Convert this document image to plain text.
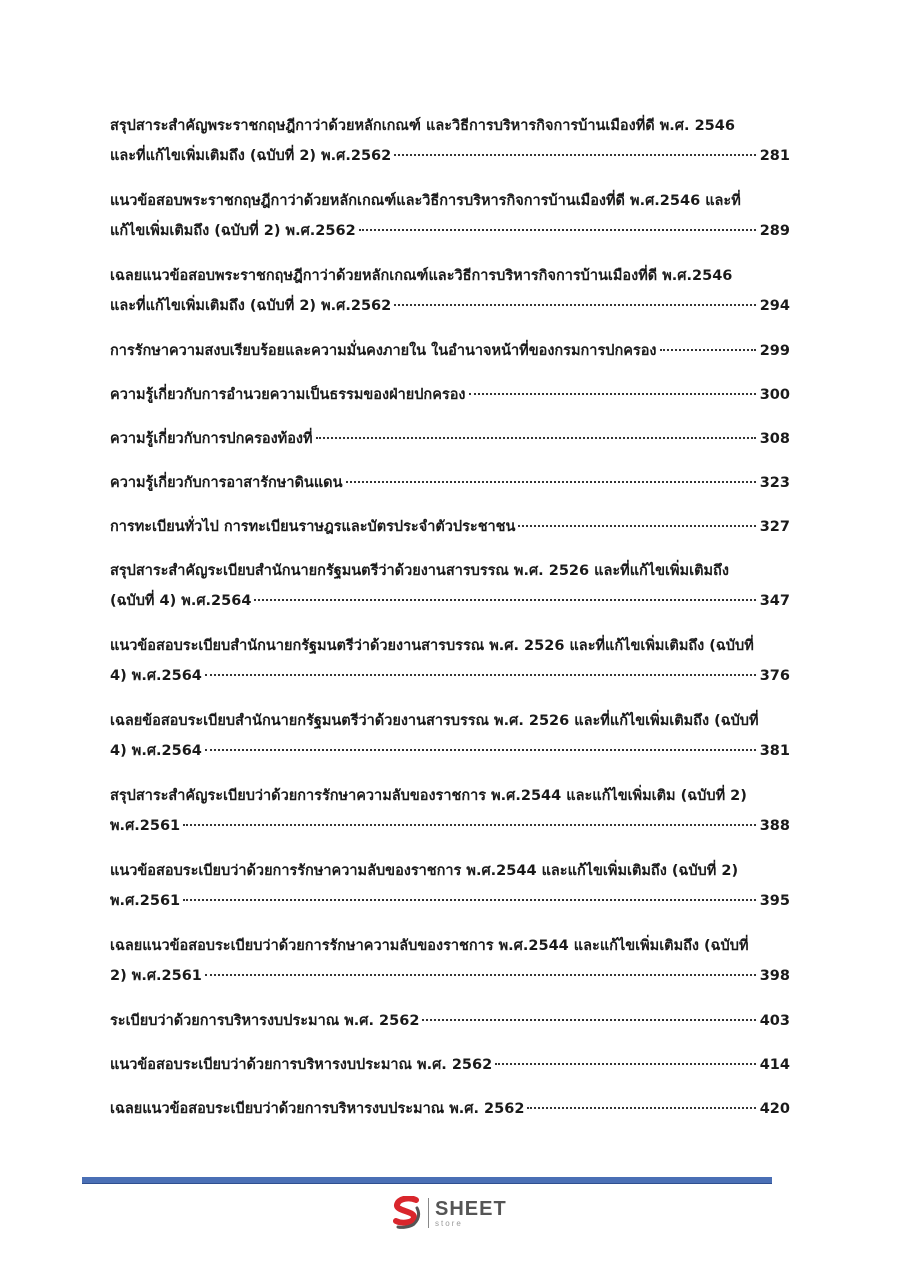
สรุปสาระสำคัญพระราชกฤษฎีกาว่าด้วยหลักเกณฑ์ และวิธีการบริหารกิจการบ้านเมืองที่ดี พ.ศ. 2546
และที่แก้ไขเพิ่มเติมถึง (ฉบับที่ 2) พ.ศ.2562	281
แนวข้อสอบพระราชกฤษฎีกาว่าด้วยหลักเกณฑ์และวิธีการบริหารกิจการบ้านเมืองที่ดี พ.ศ.2546 และที่
แก้ไขเพิ่มเติมถึง (ฉบับที่ 2) พ.ศ.2562	289
เฉลยแนวข้อสอบพระราชกฤษฎีกาว่าด้วยหลักเกณฑ์และวิธีการบริหารกิจการบ้านเมืองที่ดี พ.ศ.2546
และที่แก้ไขเพิ่มเติมถึง (ฉบับที่ 2) พ.ศ.2562	294
การรักษาความสงบเรียบร้อยและความมั่นคงภายใน ในอำนาจหน้าที่ของกรมการปกครอง	299
ความรู้เกี่ยวกับการอำนวยความเป็นธรรมของฝ่ายปกครอง	300
ความรู้เกี่ยวกับการปกครองท้องที่	308
ความรู้เกี่ยวกับการอาสารักษาดินแดน	323
การทะเบียนทั่วไป การทะเบียนราษฎรและบัตรประจำตัวประชาชน	327
สรุปสาระสำคัญระเบียบสำนักนายกรัฐมนตรีว่าด้วยงานสารบรรณ พ.ศ. 2526 และที่แก้ไขเพิ่มเติมถึง
(ฉบับที่ 4) พ.ศ.2564	347
แนวข้อสอบระเบียบสำนักนายกรัฐมนตรีว่าด้วยงานสารบรรณ พ.ศ. 2526 และที่แก้ไขเพิ่มเติมถึง (ฉบับที่
4) พ.ศ.2564	376
เฉลยข้อสอบระเบียบสำนักนายกรัฐมนตรีว่าด้วยงานสารบรรณ พ.ศ. 2526 และที่แก้ไขเพิ่มเติมถึง (ฉบับที่
4) พ.ศ.2564	381
สรุปสาระสำคัญระเบียบว่าด้วยการรักษาความลับของราชการ พ.ศ.2544 และแก้ไขเพิ่มเติม (ฉบับที่ 2)
พ.ศ.2561	388
แนวข้อสอบระเบียบว่าด้วยการรักษาความลับของราชการ พ.ศ.2544 และแก้ไขเพิ่มเติมถึง (ฉบับที่ 2)
พ.ศ.2561	395
เฉลยแนวข้อสอบระเบียบว่าด้วยการรักษาความลับของราชการ พ.ศ.2544 และแก้ไขเพิ่มเติมถึง (ฉบับที่
2) พ.ศ.2561	398
ระเบียบว่าด้วยการบริหารงบประมาณ พ.ศ. 2562	403
แนวข้อสอบระเบียบว่าด้วยการบริหารงบประมาณ พ.ศ. 2562	414
เฉลยแนวข้อสอบระเบียบว่าด้วยการบริหารงบประมาณ พ.ศ. 2562	420
SHEET
store
